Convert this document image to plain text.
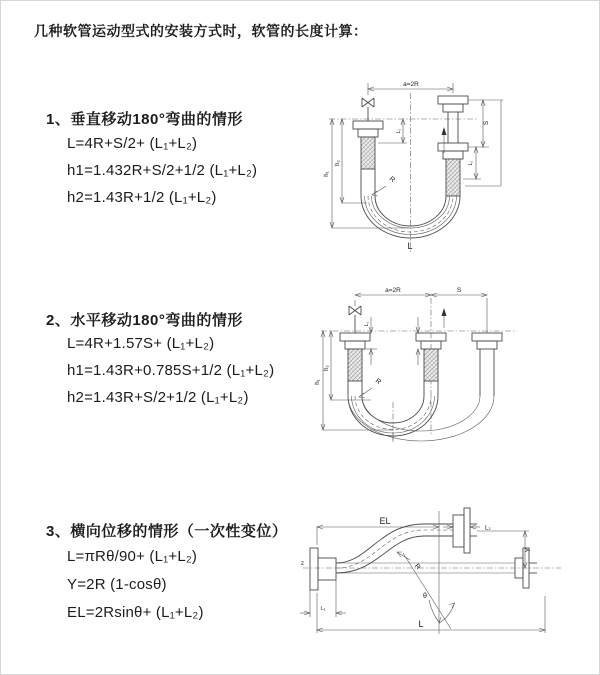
几种软管运动型式的安装方式时，软管的长度计算：
1、垂直移动180°弯曲的情形
L=4R+S/2+ (L₁+L₂)
h1=1.432R+S/2+1/2 (L₁+L₂)
h2=1.43R+1/2 (L₁+L₂)
2、水平移动180°弯曲的情形
L=4R+1.57S+ (L₁+L₂)
h1=1.43R+0.785S+1/2 (L₁+L₂)
h2=1.43R+S/2+1/2 (L₁+L₂)
3、横向位移的情形（一次性变位）
L=πRθ/90+ (L₁+L₂)
Y=2R (1-cosθ)
EL=2Rsinθ+ (L₁+L₂)
a=2R
h₁
h₂
L₁
S
L₂
R
L
a=2R	S
h₁
h₂
L₁
R
z
EL
L₂
θ
R
Y
L₁
L
